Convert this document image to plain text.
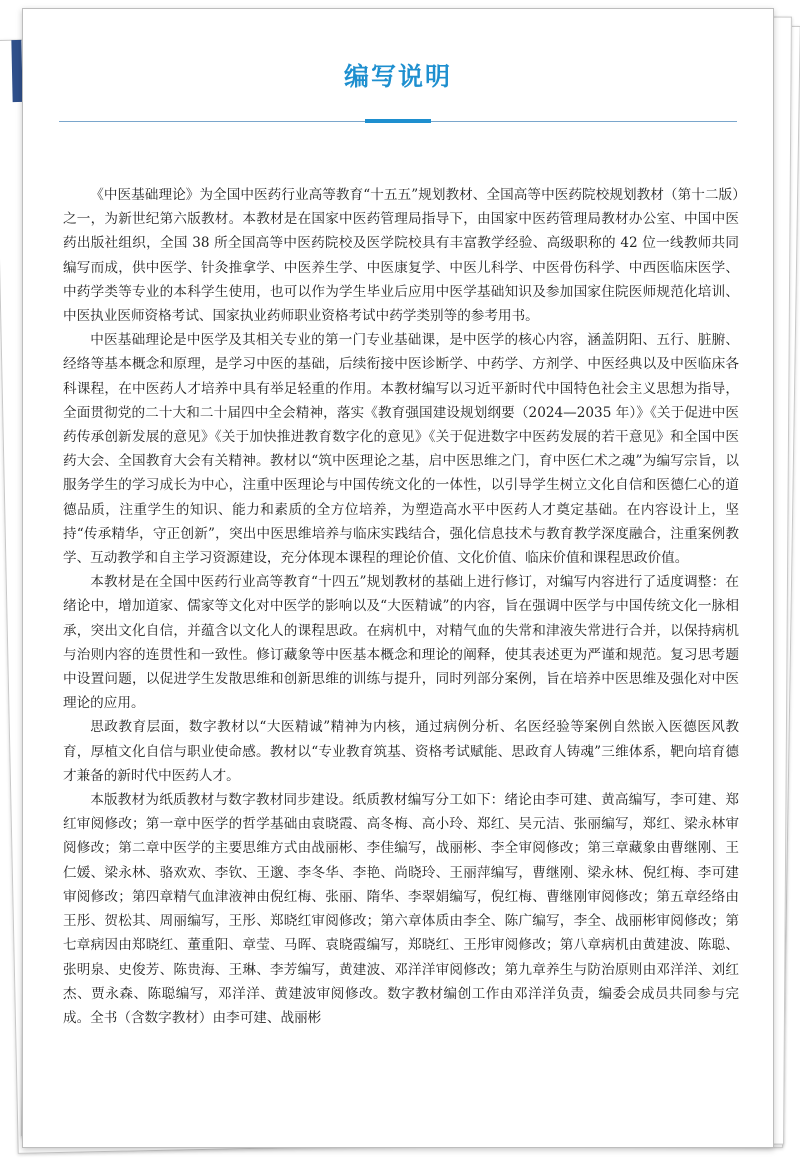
编写说明

《中医基础理论》为全国中医药行业高等教育“十五五”规划教材、全国高等中医药院校规划教材（第十二版）之一，为新世纪第六版教材。本教材是在国家中医药管理局指导下，由国家中医药管理局教材办公室、中国中医药出版社组织，全国 38 所全国高等中医药院校及医学院校具有丰富教学经验、高级职称的 42 位一线教师共同编写而成，供中医学、针灸推拿学、中医养生学、中医康复学、中医儿科学、中医骨伤科学、中西医临床医学、中药学类等专业的本科学生使用，也可以作为学生毕业后应用中医学基础知识及参加国家住院医师规范化培训、中医执业医师资格考试、国家执业药师职业资格考试中药学类别等的参考用书。

中医基础理论是中医学及其相关专业的第一门专业基础课，是中医学的核心内容，涵盖阴阳、五行、脏腑、经络等基本概念和原理，是学习中医的基础，后续衔接中医诊断学、中药学、方剂学、中医经典以及中医临床各科课程，在中医药人才培养中具有举足轻重的作用。本教材编写以习近平新时代中国特色社会主义思想为指导，全面贯彻党的二十大和二十届四中全会精神，落实《教育强国建设规划纲要（2024—2035 年）》《关于促进中医药传承创新发展的意见》《关于加快推进教育数字化的意见》《关于促进数字中医药发展的若干意见》和全国中医药大会、全国教育大会有关精神。教材以“筑中医理论之基，启中医思维之门，育中医仁术之魂”为编写宗旨，以服务学生的学习成长为中心，注重中医理论与中国传统文化的一体性，以引导学生树立文化自信和医德仁心的道德品质，注重学生的知识、能力和素质的全方位培养，为塑造高水平中医药人才奠定基础。在内容设计上，坚持“传承精华，守正创新”，突出中医思维培养与临床实践结合，强化信息技术与教育教学深度融合，注重案例教学、互动教学和自主学习资源建设，充分体现本课程的理论价值、文化价值、临床价值和课程思政价值。

本教材是在全国中医药行业高等教育“十四五”规划教材的基础上进行修订，对编写内容进行了适度调整：在绪论中，增加道家、儒家等文化对中医学的影响以及“大医精诚”的内容，旨在强调中医学与中国传统文化一脉相承，突出文化自信，并蕴含以文化人的课程思政。在病机中，对精气血的失常和津液失常进行合并，以保持病机与治则内容的连贯性和一致性。修订藏象等中医基本概念和理论的阐释，使其表述更为严谨和规范。复习思考题中设置问题，以促进学生发散思维和创新思维的训练与提升，同时列部分案例，旨在培养中医思维及强化对中医理论的应用。

思政教育层面，数字教材以“大医精诚”精神为内核，通过病例分析、名医经验等案例自然嵌入医德医风教育，厚植文化自信与职业使命感。教材以“专业教育筑基、资格考试赋能、思政育人铸魂”三维体系，靶向培育德才兼备的新时代中医药人才。

本版教材为纸质教材与数字教材同步建设。纸质教材编写分工如下：绪论由李可建、黄高编写，李可建、郑红审阅修改；第一章中医学的哲学基础由袁晓霞、高冬梅、高小玲、郑红、吴元洁、张丽编写，郑红、梁永林审阅修改；第二章中医学的主要思维方式由战丽彬、李佳编写，战丽彬、李全审阅修改；第三章藏象由曹继刚、王仁媛、梁永林、骆欢欢、李钦、王邈、李冬华、李艳、尚晓玲、王丽萍编写，曹继刚、梁永林、倪红梅、李可建审阅修改；第四章精气血津液神由倪红梅、张丽、隋华、李翠娟编写，倪红梅、曹继刚审阅修改；第五章经络由王彤、贺松其、周丽编写，王彤、郑晓红审阅修改；第六章体质由李全、陈广编写，李全、战丽彬审阅修改；第七章病因由郑晓红、董重阳、章莹、马晖、袁晓霞编写，郑晓红、王彤审阅修改；第八章病机由黄建波、陈聪、张明泉、史俊芳、陈贵海、王琳、李芳编写，黄建波、邓洋洋审阅修改；第九章养生与防治原则由邓洋洋、刘红杰、贾永森、陈聪编写，邓洋洋、黄建波审阅修改。数字教材编创工作由邓洋洋负责，编委会成员共同参与完成。全书（含数字教材）由李可建、战丽彬
